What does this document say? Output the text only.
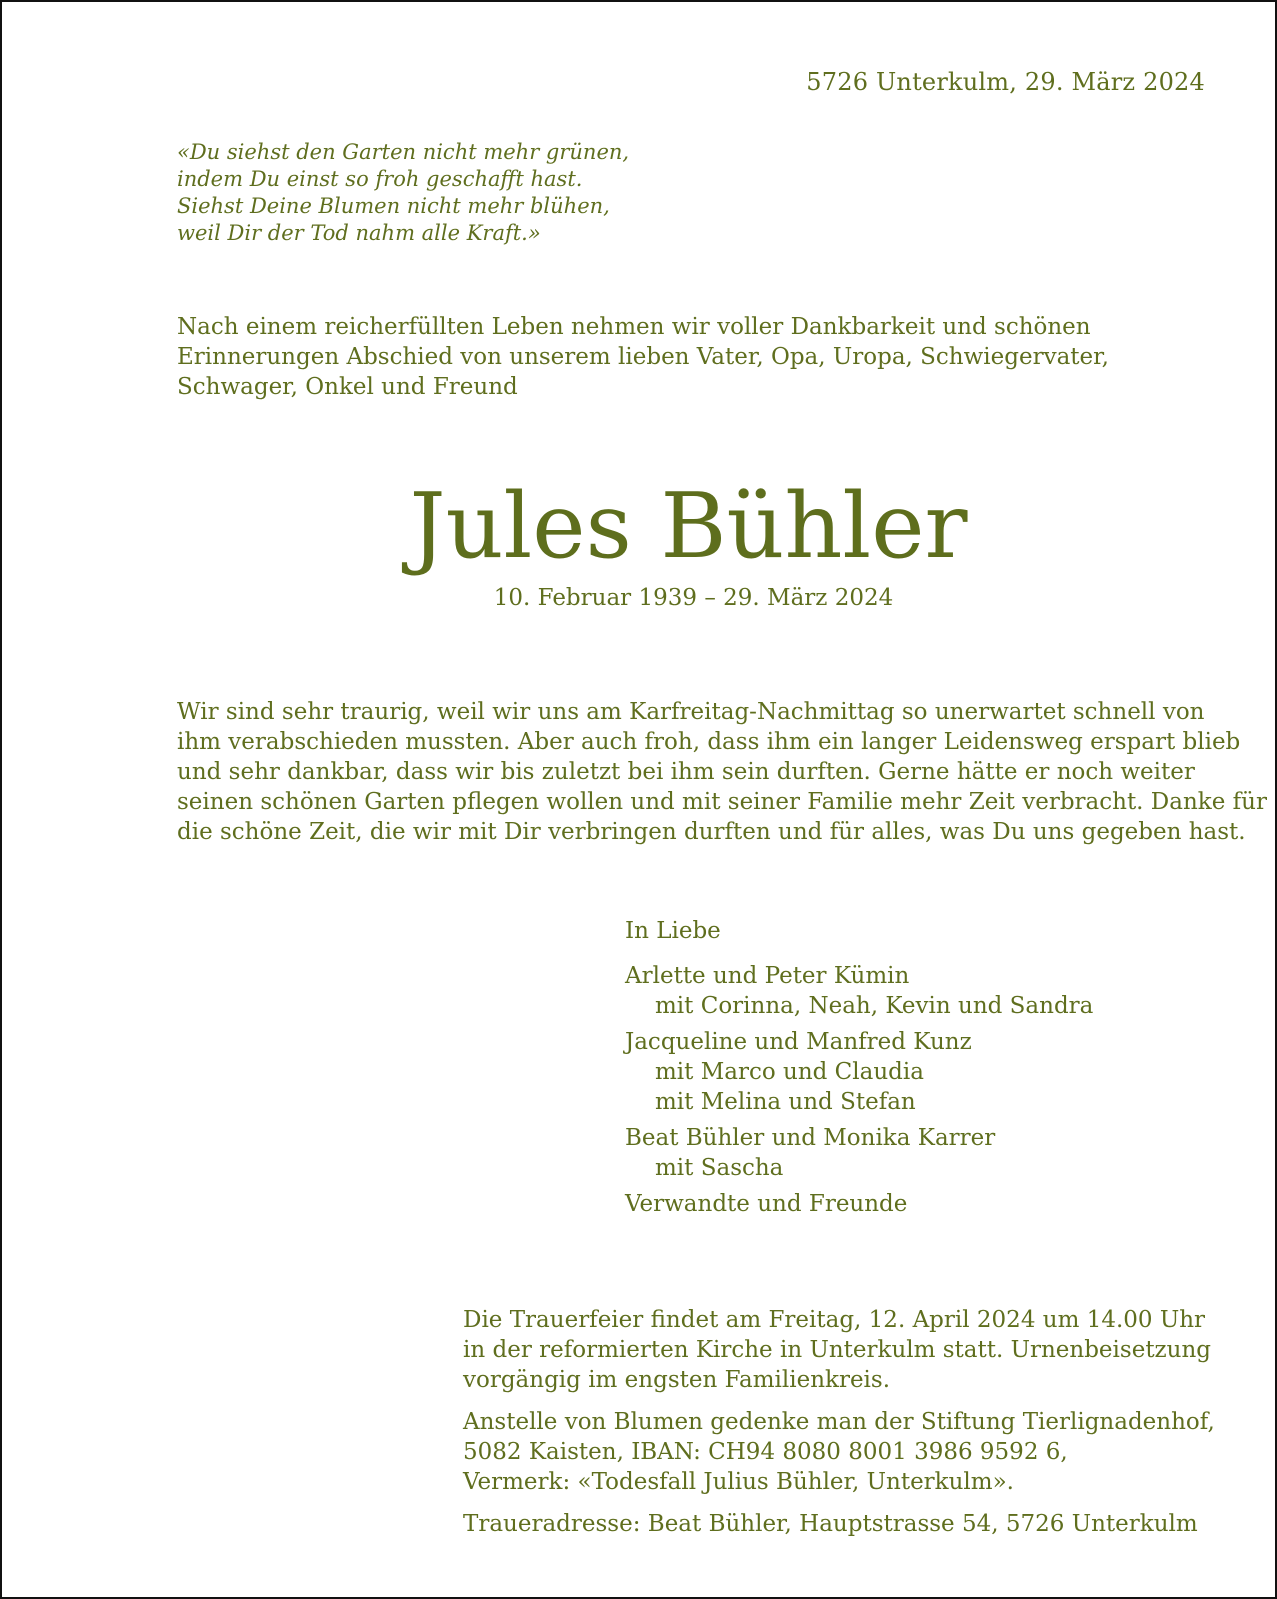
5726 Unterkulm, 29. März 2024
«Du siehst den Garten nicht mehr grünen,
indem Du einst so froh geschafft hast.
Siehst Deine Blumen nicht mehr blühen,
weil Dir der Tod nahm alle Kraft.»
Nach einem reicherfüllten Leben nehmen wir voller Dankbarkeit und schönen
Erinnerungen Abschied von unserem lieben Vater, Opa, Uropa, Schwiegervater,
Schwager, Onkel und Freund
Jules Bühler
10. Februar 1939 – 29. März 2024
Wir sind sehr traurig, weil wir uns am Karfreitag-Nachmittag so unerwartet schnell von
ihm verabschieden mussten. Aber auch froh, dass ihm ein langer Leidensweg erspart blieb
und sehr dankbar, dass wir bis zuletzt bei ihm sein durften. Gerne hätte er noch weiter
seinen schönen Garten pflegen wollen und mit seiner Familie mehr Zeit verbracht. Danke für
die schöne Zeit, die wir mit Dir verbringen durften und für alles, was Du uns gegeben hast.
In Liebe
Arlette und Peter Kümin
mit Corinna, Neah, Kevin und Sandra
Jacqueline und Manfred Kunz
mit Marco und Claudia
mit Melina und Stefan
Beat Bühler und Monika Karrer
mit Sascha
Verwandte und Freunde
Die Trauerfeier findet am Freitag, 12. April 2024 um 14.00 Uhr
in der reformierten Kirche in Unterkulm statt. Urnenbeisetzung
vorgängig im engsten Familienkreis.
Anstelle von Blumen gedenke man der Stiftung Tierlignadenhof,
5082 Kaisten, IBAN: CH94 8080 8001 3986 9592 6,
Vermerk: «Todesfall Julius Bühler, Unterkulm».
Traueradresse: Beat Bühler, Hauptstrasse 54, 5726 Unterkulm
